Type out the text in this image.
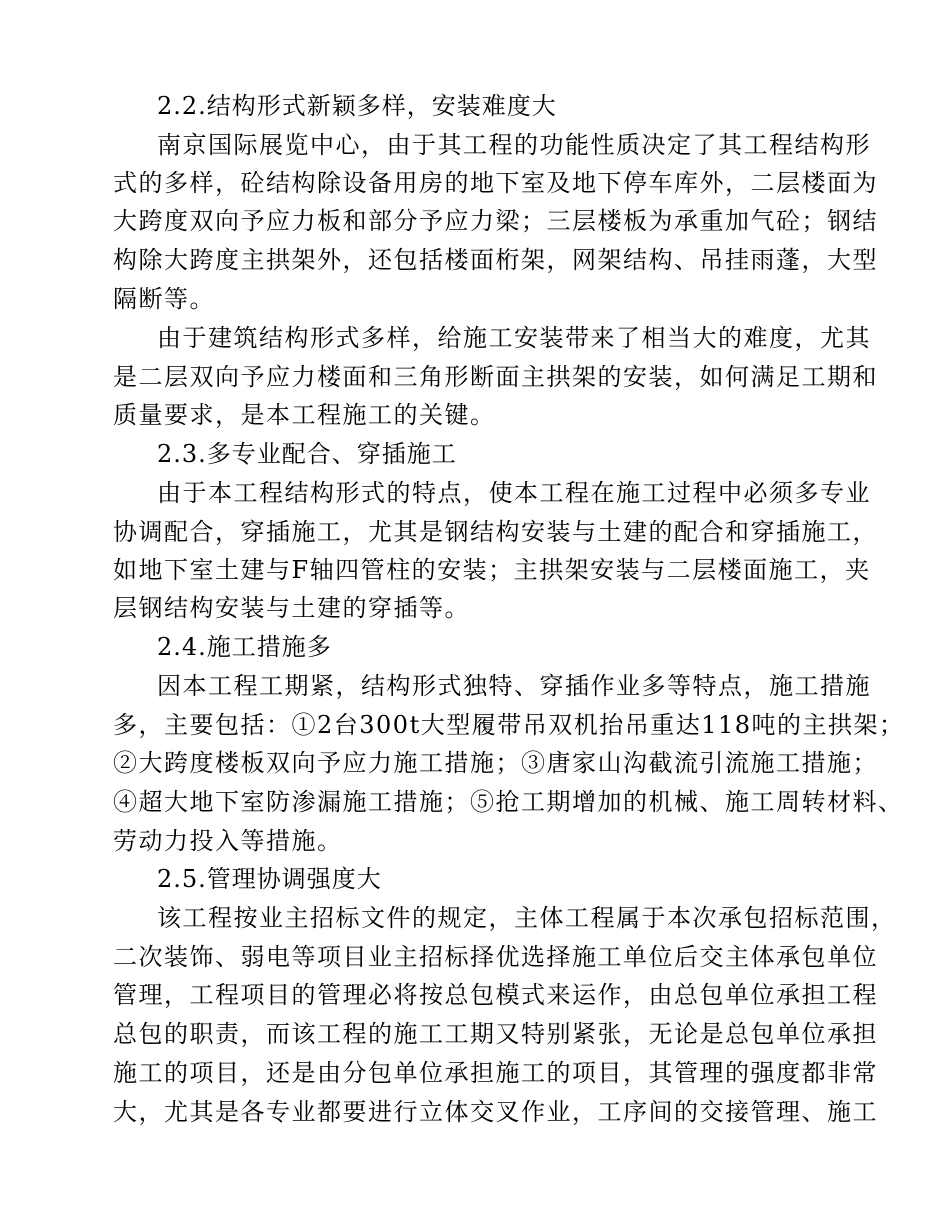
2.2.结构形式新颖多样，安装难度大
南京国际展览中心，由于其工程的功能性质决定了其工程结构形
式的多样，砼结构除设备用房的地下室及地下停车库外，二层楼面为
大跨度双向予应力板和部分予应力梁；三层楼板为承重加气砼；钢结
构除大跨度主拱架外，还包括楼面桁架，网架结构、吊挂雨蓬，大型
隔断等。
由于建筑结构形式多样，给施工安装带来了相当大的难度，尤其
是二层双向予应力楼面和三角形断面主拱架的安装，如何满足工期和
质量要求，是本工程施工的关键。
2.3.多专业配合、穿插施工
由于本工程结构形式的特点，使本工程在施工过程中必须多专业
协调配合，穿插施工，尤其是钢结构安装与土建的配合和穿插施工，
如地下室土建与F轴四管柱的安装；主拱架安装与二层楼面施工，夹
层钢结构安装与土建的穿插等。
2.4.施工措施多
因本工程工期紧，结构形式独特、穿插作业多等特点，施工措施
多，主要包括：①2台300t大型履带吊双机抬吊重达118吨的主拱架；
②大跨度楼板双向予应力施工措施；③唐家山沟截流引流施工措施；
④超大地下室防渗漏施工措施；⑤抢工期增加的机械、施工周转材料、
劳动力投入等措施。
2.5.管理协调强度大
该工程按业主招标文件的规定，主体工程属于本次承包招标范围，
二次装饰、弱电等项目业主招标择优选择施工单位后交主体承包单位
管理，工程项目的管理必将按总包模式来运作，由总包单位承担工程
总包的职责，而该工程的施工工期又特别紧张，无论是总包单位承担
施工的项目，还是由分包单位承担施工的项目，其管理的强度都非常
大，尤其是各专业都要进行立体交叉作业，工序间的交接管理、施工
